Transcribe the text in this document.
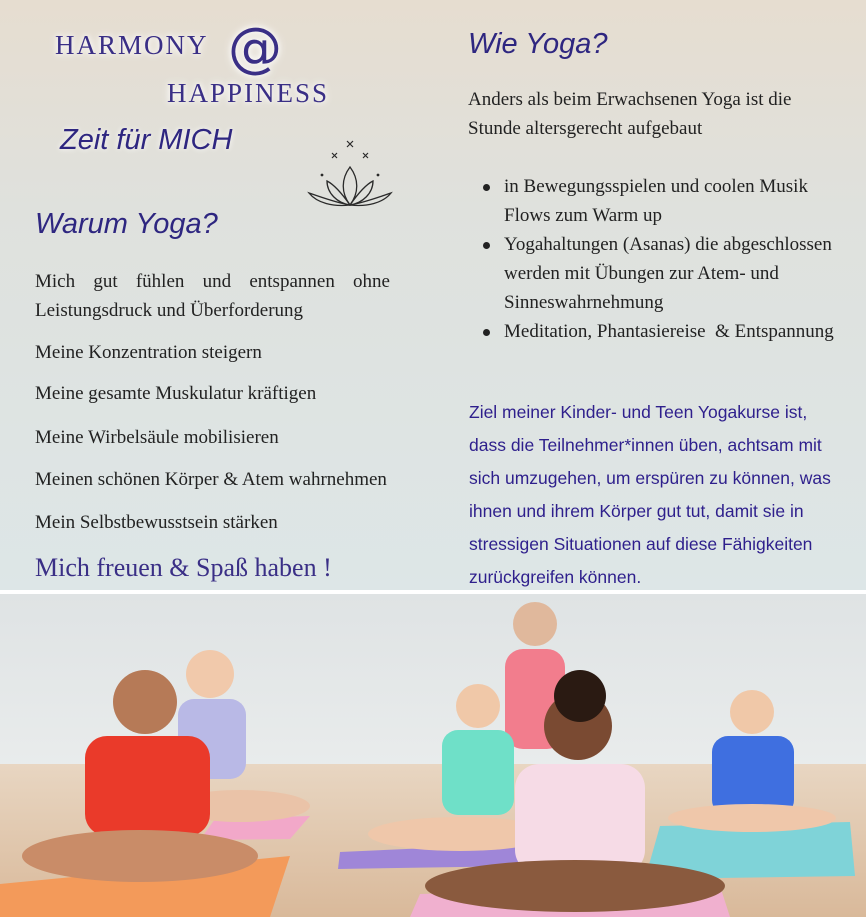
HARMONY @
HAPPINESS
Zeit für MICH
Warum Yoga?
Mich gut fühlen und entspannen ohne Leistungsdruck und Überforderung
Meine Konzentration steigern
Meine gesamte Muskulatur kräftigen
Meine Wirbelsäule mobilisieren
Meinen schönen Körper & Atem wahrnehmen
Mein Selbstbewusstsein stärken
Mich freuen & Spaß haben !
Wie Yoga?
Anders als beim Erwachsenen Yoga ist die Stunde altersgerecht aufgebaut
in Bewegungsspielen und coolen Musik Flows zum Warm up
Yogahaltungen (Asanas) die abgeschlossen werden mit Übungen zur Atem- und Sinneswahrnehmung
Meditation, Phantasiereise  & Entspannung
Ziel meiner Kinder- und Teen Yogakurse ist, dass die Teilnehmer*innen üben, achtsam mit sich umzugehen, um erspüren zu können, was ihnen und ihrem Körper gut tut, damit sie in stressigen Situationen auf diese Fähigkeiten zurückgreifen können.
